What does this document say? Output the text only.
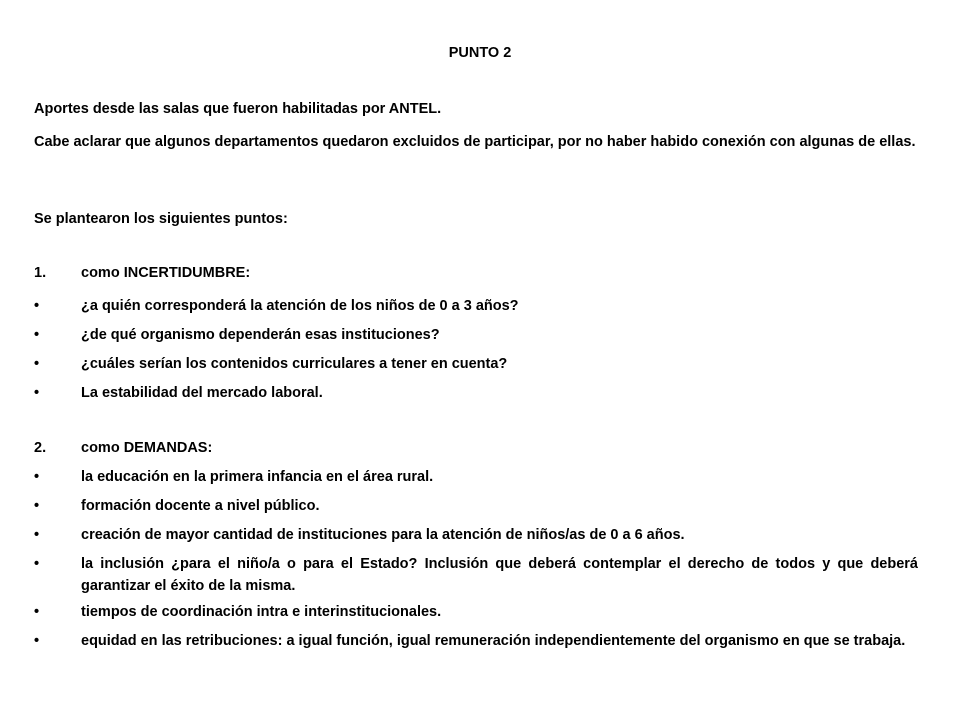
PUNTO 2
Aportes desde las salas que fueron habilitadas por ANTEL.
Cabe aclarar que algunos departamentos quedaron excluidos de participar, por no haber habido conexión con algunas de ellas.
Se plantearon los siguientes puntos:
1.	como INCERTIDUMBRE:
•	¿a quién corresponderá la atención de los niños de 0 a 3 años?
•	¿de qué organismo dependerán esas instituciones?
•	¿cuáles serían los contenidos curriculares a tener en cuenta?
•	La estabilidad del mercado laboral.
2.	como DEMANDAS:
•	la educación en la primera infancia en el área rural.
•	formación docente a nivel público.
•	creación de mayor cantidad de instituciones para la atención de niños/as de 0 a 6 años.
•	la inclusión ¿para el niño/a o para el Estado? Inclusión que deberá contemplar el derecho de todos y que deberá garantizar el éxito de la misma.
•	tiempos de coordinación intra e interinstitucionales.
•	equidad en las retribuciones: a igual función, igual remuneración independientemente del organismo en que se trabaja.
